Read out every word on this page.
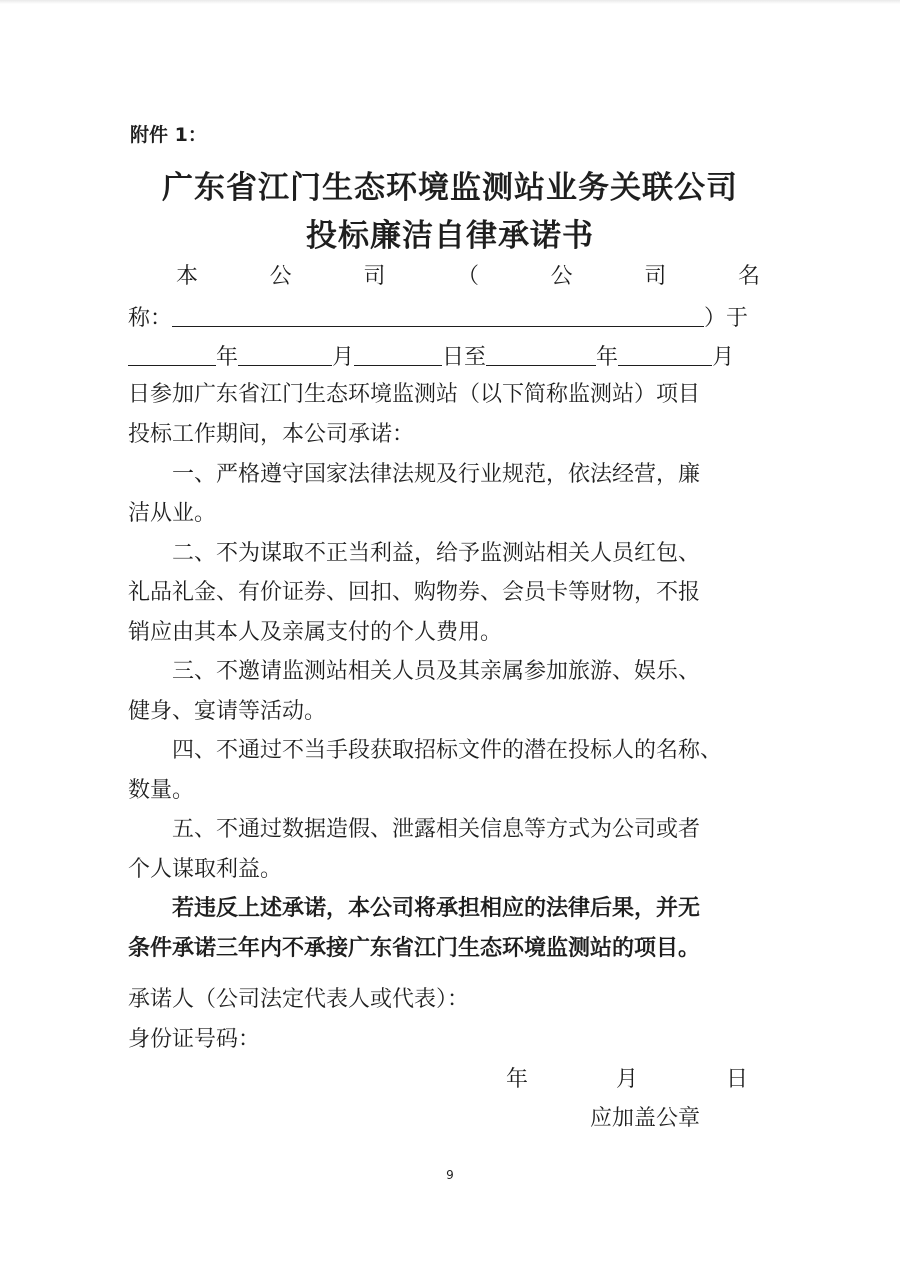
附件 1：
广东省江门生态环境监测站业务关联公司
投标廉洁自律承诺书
本	公	司	（	公	司	名
称：	）于
年	月	日至	年	月
日参加广东省江门生态环境监测站（以下简称监测站）项目
投标工作期间，本公司承诺：
一、严格遵守国家法律法规及行业规范，依法经营，廉
洁从业。
二、不为谋取不正当利益，给予监测站相关人员红包、
礼品礼金、有价证券、回扣、购物券、会员卡等财物，不报
销应由其本人及亲属支付的个人费用。
三、不邀请监测站相关人员及其亲属参加旅游、娱乐、
健身、宴请等活动。
四、不通过不当手段获取招标文件的潜在投标人的名称、
数量。
五、不通过数据造假、泄露相关信息等方式为公司或者
个人谋取利益。
若违反上述承诺，本公司将承担相应的法律后果，并无
条件承诺三年内不承接广东省江门生态环境监测站的项目。
承诺人（公司法定代表人或代表）：
身份证号码：
年	月	日
应加盖公章
9
